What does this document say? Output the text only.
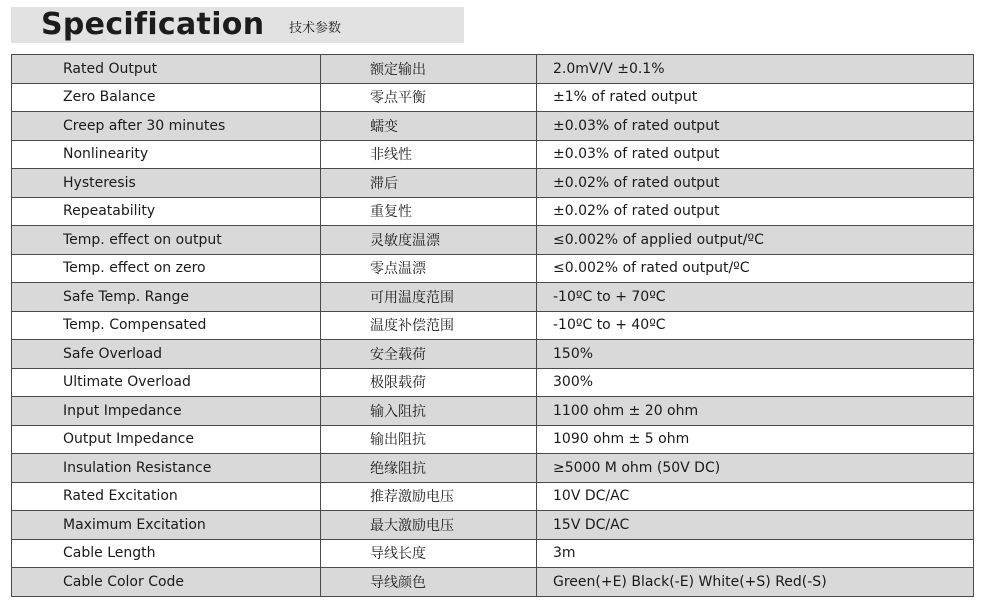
Specification 技术参数
Rated Output	额定输出	2.0mV/V ±0.1%
Zero Balance	零点平衡	±1% of rated output
Creep after 30 minutes	蠕变	±0.03% of rated output
Nonlinearity	非线性	±0.03% of rated output
Hysteresis	滞后	±0.02% of rated output
Repeatability	重复性	±0.02% of rated output
Temp. effect on output	灵敏度温漂	≤0.002% of applied output/ºC
Temp. effect on zero	零点温漂	≤0.002% of rated output/ºC
Safe Temp. Range	可用温度范围	-10ºC to + 70ºC
Temp. Compensated	温度补偿范围	-10ºC to + 40ºC
Safe Overload	安全载荷	150%
Ultimate Overload	极限载荷	300%
Input Impedance	输入阻抗	1100 ohm ± 20 ohm
Output Impedance	输出阻抗	1090 ohm ± 5 ohm
Insulation Resistance	绝缘阻抗	≥5000 M ohm (50V DC)
Rated Excitation	推荐激励电压	10V DC/AC
Maximum Excitation	最大激励电压	15V DC/AC
Cable Length	导线长度	3m
Cable Color Code	导线颜色	Green(+E) Black(-E) White(+S) Red(-S)
